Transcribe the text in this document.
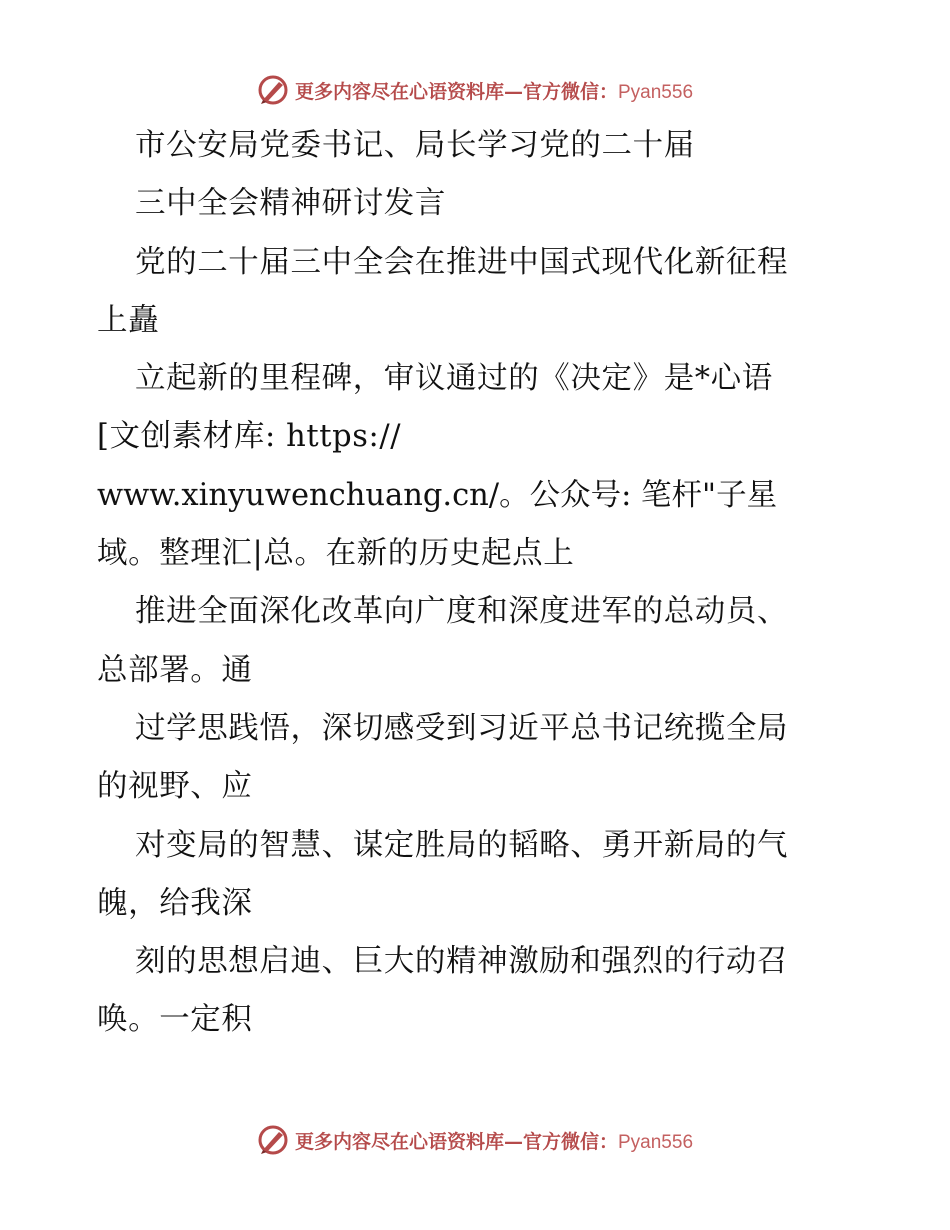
更多内容尽在心语资料库—官方微信：Pyan556
市公安局党委书记、局长学习党的二十届
三中全会精神研讨发言
党的二十届三中全会在推进中国式现代化新征程
上矗
立起新的里程碑，审议通过的《决定》是*心语
[文创素材库: https://
www.xinyuwenchuang.cn/。公众号: 笔杆"子星
域。整理汇|总。在新的历史起点上
推进全面深化改革向广度和深度进军的总动员、
总部署。通
过学思践悟，深切感受到习近平总书记统揽全局
的视野、应
对变局的智慧、谋定胜局的韬略、勇开新局的气
魄，给我深
刻的思想启迪、巨大的精神激励和强烈的行动召
唤。一定积
更多内容尽在心语资料库—官方微信：Pyan556
